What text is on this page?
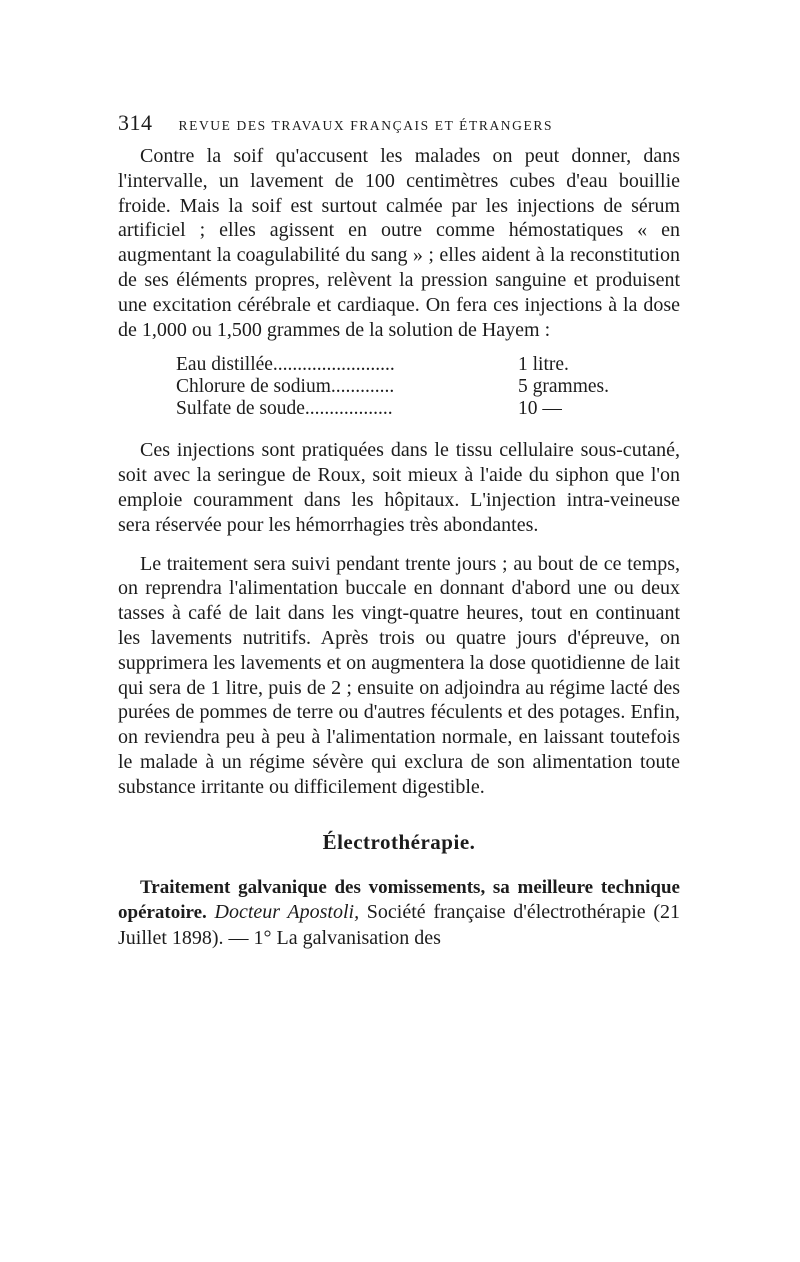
314 REVUE DES TRAVAUX FRANÇAIS ET ÉTRANGERS

Contre la soif qu'accusent les malades on peut donner, dans l'intervalle, un lavement de 100 centimètres cubes d'eau bouillie froide. Mais la soif est surtout calmée par les injections de sérum artificiel ; elles agissent en outre comme hémostatiques « en augmentant la coagulabilité du sang » ; elles aident à la reconstitution de ses éléments propres, relèvent la pression sanguine et produisent une excitation cérébrale et cardiaque. On fera ces injections à la dose de 1,000 ou 1,500 grammes de la solution de Hayem :

Eau distillée.........................	1 litre.
Chlorure de sodium.............	5 grammes.
Sulfate de soude..................	10 —

Ces injections sont pratiquées dans le tissu cellulaire sous-cutané, soit avec la seringue de Roux, soit mieux à l'aide du siphon que l'on emploie couramment dans les hôpitaux. L'injection intra-veineuse sera réservée pour les hémorrhagies très abondantes.

Le traitement sera suivi pendant trente jours ; au bout de ce temps, on reprendra l'alimentation buccale en donnant d'abord une ou deux tasses à café de lait dans les vingt-quatre heures, tout en continuant les lavements nutritifs. Après trois ou quatre jours d'épreuve, on supprimera les lavements et on augmentera la dose quotidienne de lait qui sera de 1 litre, puis de 2 ; ensuite on adjoindra au régime lacté des purées de pommes de terre ou d'autres féculents et des potages. Enfin, on reviendra peu à peu à l'alimentation normale, en laissant toutefois le malade à un régime sévère qui exclura de son alimentation toute substance irritante ou difficilement digestible.

Électrothérapie.

Traitement galvanique des vomissements, sa meilleure technique opératoire. Docteur Apostoli, Société française d'électrothérapie (21 Juillet 1898). — 1° La galvanisation des
